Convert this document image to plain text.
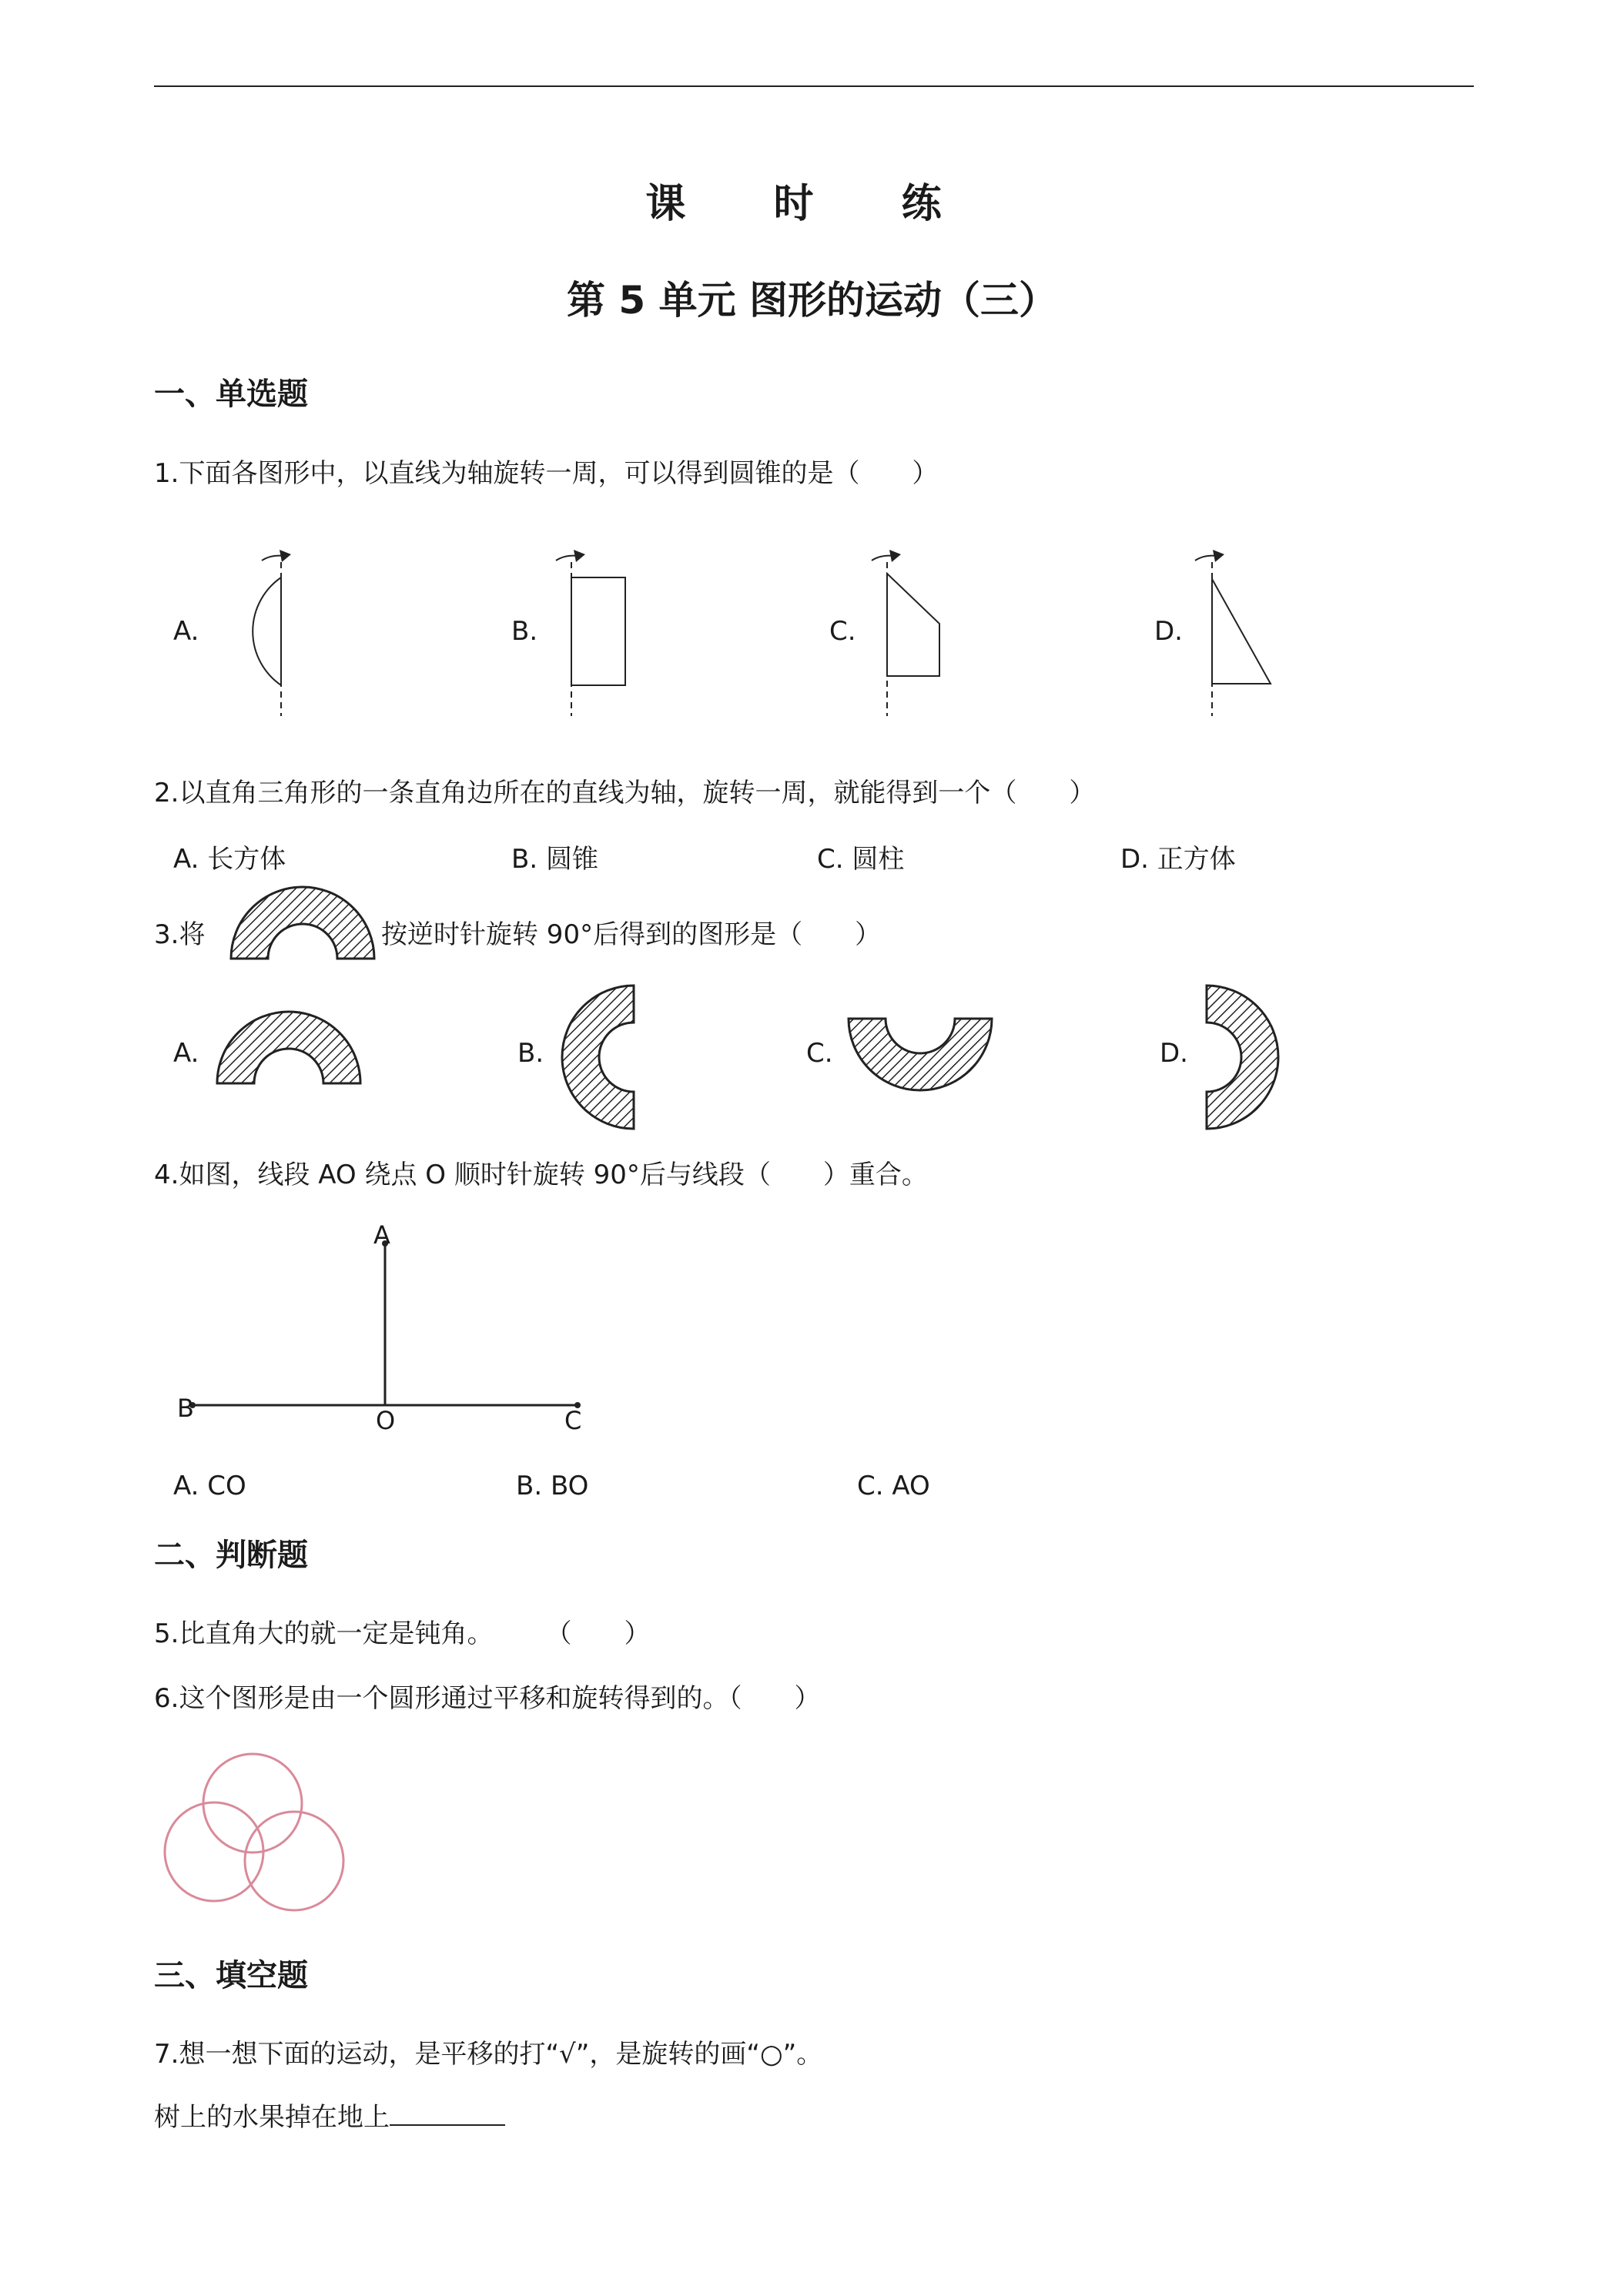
课 时 练
第 5 单元 图形的运动（三）
一、单选题
1.下面各图形中，以直线为轴旋转一周，可以得到圆锥的是（　　）
A.	B.	C.	D.
2.以直角三角形的一条直角边所在的直线为轴，旋转一周，就能得到一个（　　）
A. 长方体	B. 圆锥	C. 圆柱	D. 正方体
3.将	按逆时针旋转 90°后得到的图形是（　　）
A.	B.	C.	D.
4.如图，线段 AO 绕点 O 顺时针旋转 90°后与线段（　　）重合。
A
B	O	C
A. CO	B. BO	C. AO
二、判断题
5.比直角大的就一定是钝角。　　　（　　）
6.这个图形是由一个圆形通过平移和旋转得到的。（　　）
三、填空题
7.想一想下面的运动，是平移的打“√”，是旋转的画“○”。
树上的水果掉在地上
